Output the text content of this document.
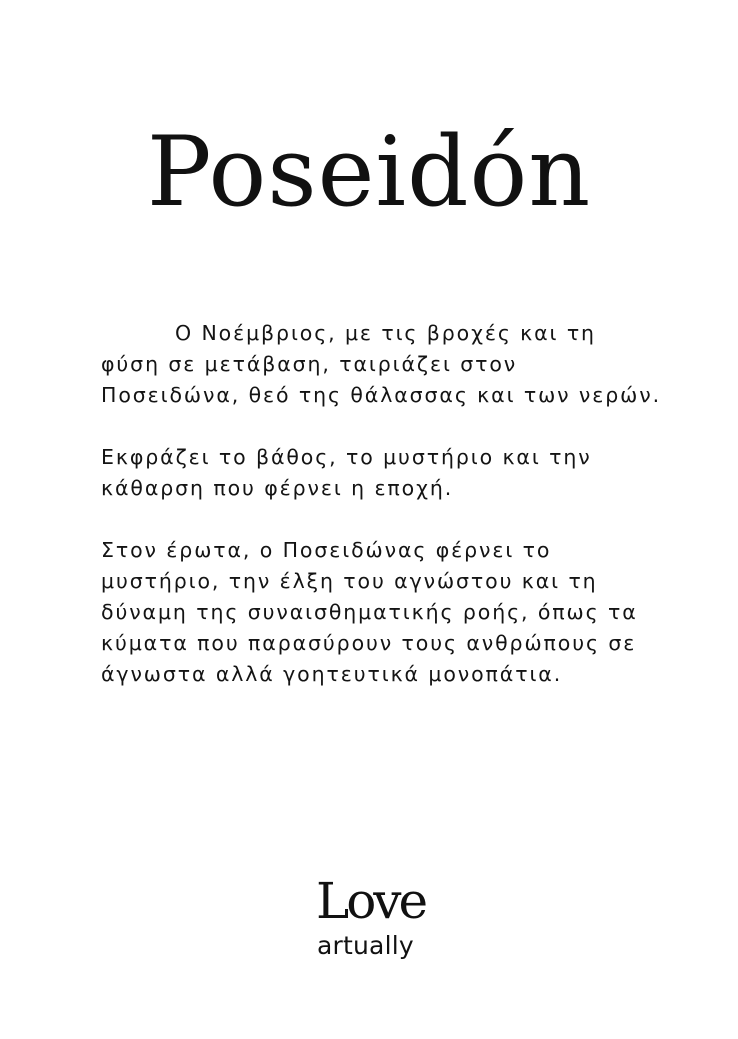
Poseidón

Ο Νοέμβριος, με τις βροχές και τη φύση σε μετάβαση, ταιριάζει στον Ποσειδώνα, θεό της θάλασσας και των νερών.

Εκφράζει το βάθος, το μυστήριο και την κάθαρση που φέρνει η εποχή.

Στον έρωτα, ο Ποσειδώνας φέρνει το μυστήριο, την έλξη του αγνώστου και τη δύναμη της συναισθηματικής ροής, όπως τα κύματα που παρασύρουν τους ανθρώπους σε άγνωστα αλλά γοητευτικά μονοπάτια.

Love
artually
